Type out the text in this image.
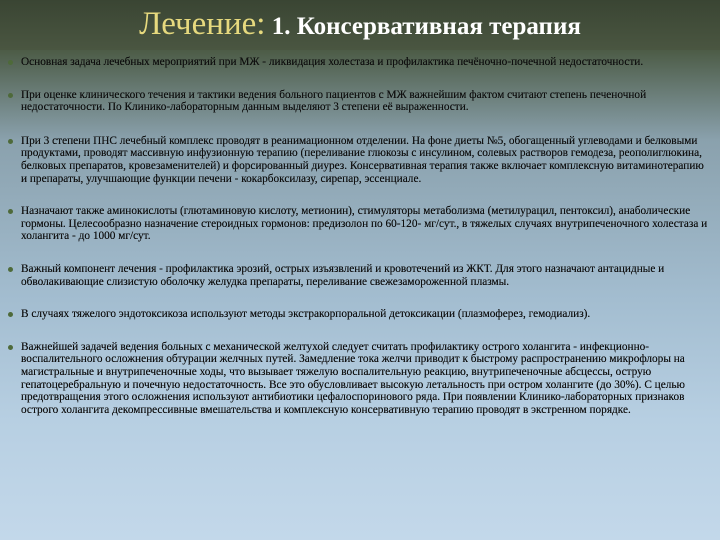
Лечение: 1. Консервативная терапия
Основная задача лечебных мероприятий при МЖ - ликвидация холестаза и профилактика печёночно-почечной недостаточности.
При оценке клинического течения и тактики ведения больного пациентов с МЖ важнейшим фактом считают степень печеночной недостаточности. По Клинико-лабораторным данным выделяют 3 степени её выраженности.
При 3 степени ПНС лечебный комплекс проводят в реанимационном отделении. На фоне диеты №5, обогащенный углеводами и белковыми продуктами, проводят массивную инфузионную терапию (переливание глюкозы с инсулином, солевых растворов гемодеза, реополиглюкина, белковых препаратов, кровезаменителей) и форсированный диурез. Консервативная терапия также включает комплексную витаминотерапию и препараты, улучшающие функции печени - кокарбоксилазу, сирепар, эссенциале.
Назначают также аминокислоты (глютаминовую кислоту, метионин), стимуляторы метаболизма (метилурацил, пентоксил), анаболические гормоны. Целесообразно назначение стероидных гормонов: предизолон по 60-120- мг/сут., в тяжелых случаях внутрипеченочного холестаза и холангита - до 1000 мг/сут.
Важный компонент лечения - профилактика эрозий, острых изъязвлений и кровотечений из ЖКТ. Для этого назначают антацидные и обволакивающие слизистую оболочку желудка препараты, переливание свежезамороженной плазмы.
В случаях тяжелого эндотоксикоза используют методы экстракорпоральной детоксикации (плазмоферез, гемодиализ).
Важнейшей задачей ведения больных с механической желтухой следует считать профилактику острого холангита - инфекционно-воспалительного осложнения обтурации желчных путей. Замедление тока желчи приводит к быстрому распространению микрофлоры на магистральные и внутрипеченочные ходы, что вызывает тяжелую воспалительную реакцию, внутрипеченочные абсцессы, острую гепатоцеребральную и почечную недостаточность. Все это обусловливает высокую летальность при остром холангите (до 30%). С целью предотвращения этого осложнения используют антибиотики цефалоспоринового ряда. При появлении Клинико-лабораторных признаков острого холангита декомпрессивные вмешательства и комплексную консервативную терапию проводят в экстренном порядке.
